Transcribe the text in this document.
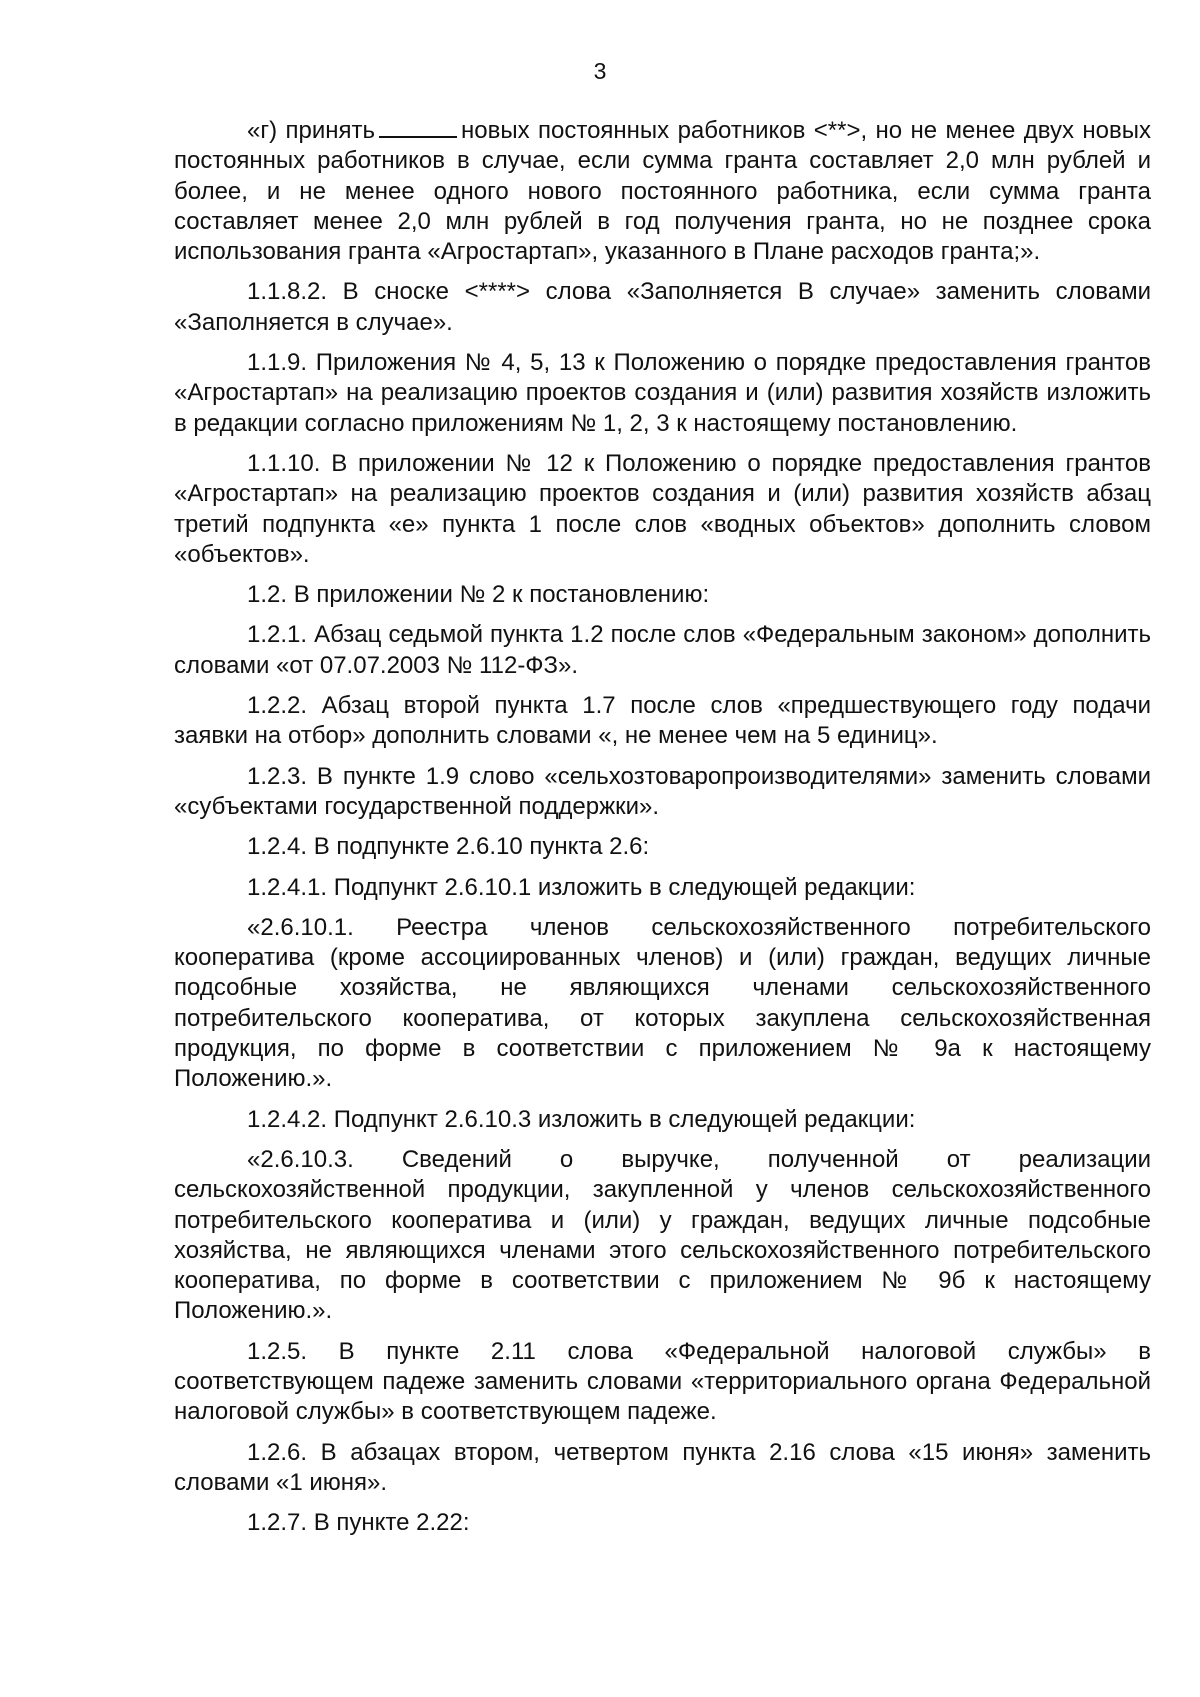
3

«г) принять	новых постоянных работников <**>, но не менее двух новых постоянных работников в случае, если сумма гранта составляет 2,0 млн рублей и более, и не менее одного нового постоянного работника, если сумма гранта составляет менее 2,0 млн рублей в год получения гранта, но не позднее срока использования гранта «Агростартап», указанного в Плане расходов гранта;».

1.1.8.2. В сноске <****> слова «Заполняется В случае» заменить словами «Заполняется в случае».

1.1.9. Приложения № 4, 5, 13 к Положению о порядке предоставления грантов «Агростартап» на реализацию проектов создания и (или) развития хозяйств изложить в редакции согласно приложениям № 1, 2, 3 к настоящему постановлению.

1.1.10. В приложении № 12 к Положению о порядке предоставления грантов «Агростартап» на реализацию проектов создания и (или) развития хозяйств абзац третий подпункта «е» пункта 1 после слов «водных объектов» дополнить словом «объектов».

1.2. В приложении № 2 к постановлению:

1.2.1. Абзац седьмой пункта 1.2 после слов «Федеральным законом» дополнить словами «от 07.07.2003 № 112-ФЗ».

1.2.2. Абзац второй пункта 1.7 после слов «предшествующего году подачи заявки на отбор» дополнить словами «, не менее чем на 5 единиц».

1.2.3. В пункте 1.9 слово «сельхозтоваропроизводителями» заменить словами «субъектами государственной поддержки».

1.2.4. В подпункте 2.6.10 пункта 2.6:

1.2.4.1. Подпункт 2.6.10.1 изложить в следующей редакции:

«2.6.10.1. Реестра членов сельскохозяйственного потребительского кооператива (кроме ассоциированных членов) и (или) граждан, ведущих личные подсобные хозяйства, не являющихся членами сельскохозяйственного потребительского кооператива, от которых закуплена сельскохозяйственная продукция, по форме в соответствии с приложением № 9а к настоящему Положению.».

1.2.4.2. Подпункт 2.6.10.3 изложить в следующей редакции:

«2.6.10.3. Сведений о выручке, полученной от реализации сельскохозяйственной продукции, закупленной у членов сельскохозяйственного потребительского кооператива и (или) у граждан, ведущих личные подсобные хозяйства, не являющихся членами этого сельскохозяйственного потребительского кооператива, по форме в соответствии с приложением № 9б к настоящему Положению.».

1.2.5. В пункте 2.11 слова «Федеральной налоговой службы» в соответствующем падеже заменить словами «территориального органа Федеральной налоговой службы» в соответствующем падеже.

1.2.6. В абзацах втором, четвертом пункта 2.16 слова «15 июня» заменить словами «1 июня».

1.2.7. В пункте 2.22:
